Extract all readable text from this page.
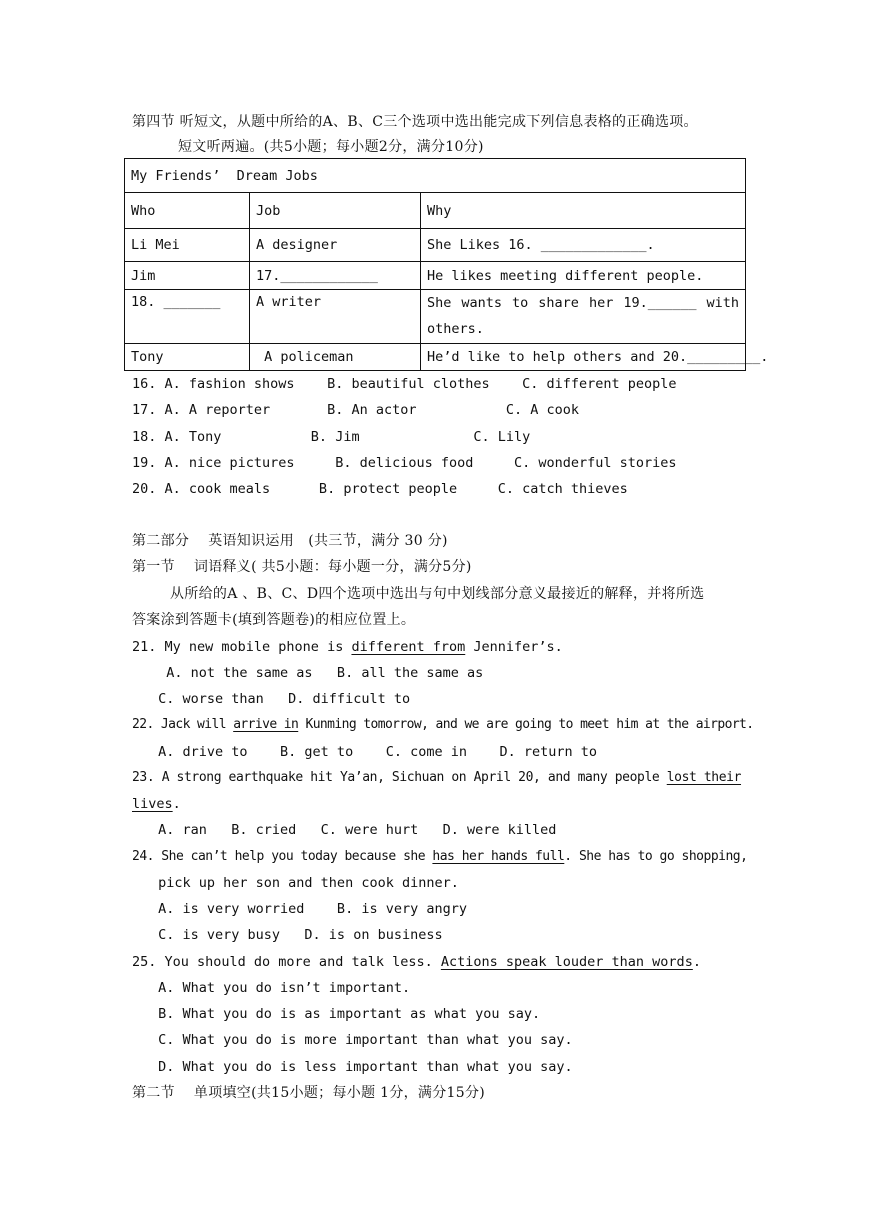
第四节 听短文，从题中所给的A、B、C三个选项中选出能完成下列信息表格的正确选项。
短文听两遍。(共5小题；每小题2分，满分10分)
My Friends’  Dream Jobs		
Who	Job	Why
Li Mei	A designer	She Likes 16. _____________.
Jim	17.____________	He likes meeting different people.
18. _______	A writer	She wants to share her 19.______ with others.
Tony	A policeman	He’d like to help others and 20._________.
16. A. fashion shows    B. beautiful clothes    C. different people
17. A. A reporter       B. An actor           C. A cook
18. A. Tony           B. Jim              C. Lily
19. A. nice pictures     B. delicious food     C. wonderful stories
20. A. cook meals      B. protect people     C. catch thieves
第二部分    英语知识运用   (共三节，满分 30 分)
第一节    词语释义( 共5小题：每小题一分，满分5分)
从所给的A 、B、C、D四个选项中选出与句中划线部分意义最接近的解释，并将所选
答案涂到答题卡(填到答题卷)的相应位置上。
21. My new mobile phone is different from Jennifer’s.
A. not the same as   B. all the same as
C. worse than   D. difficult to
22. Jack will arrive in Kunming tomorrow, and we are going to meet him at the airport.
A. drive to    B. get to    C. come in    D. return to
23. A strong earthquake hit Ya’an, Sichuan on April 20, and many people lost their
lives.
A. ran   B. cried   C. were hurt   D. were killed
24. She can’t help you today because she has her hands full. She has to go shopping,
pick up her son and then cook dinner.
A. is very worried    B. is very angry
C. is very busy   D. is on business
25. You should do more and talk less. Actions speak louder than words.
A. What you do isn’t important.
B. What you do is as important as what you say.
C. What you do is more important than what you say.
D. What you do is less important than what you say.
第二节    单项填空(共15小题；每小题 1分，满分15分)
